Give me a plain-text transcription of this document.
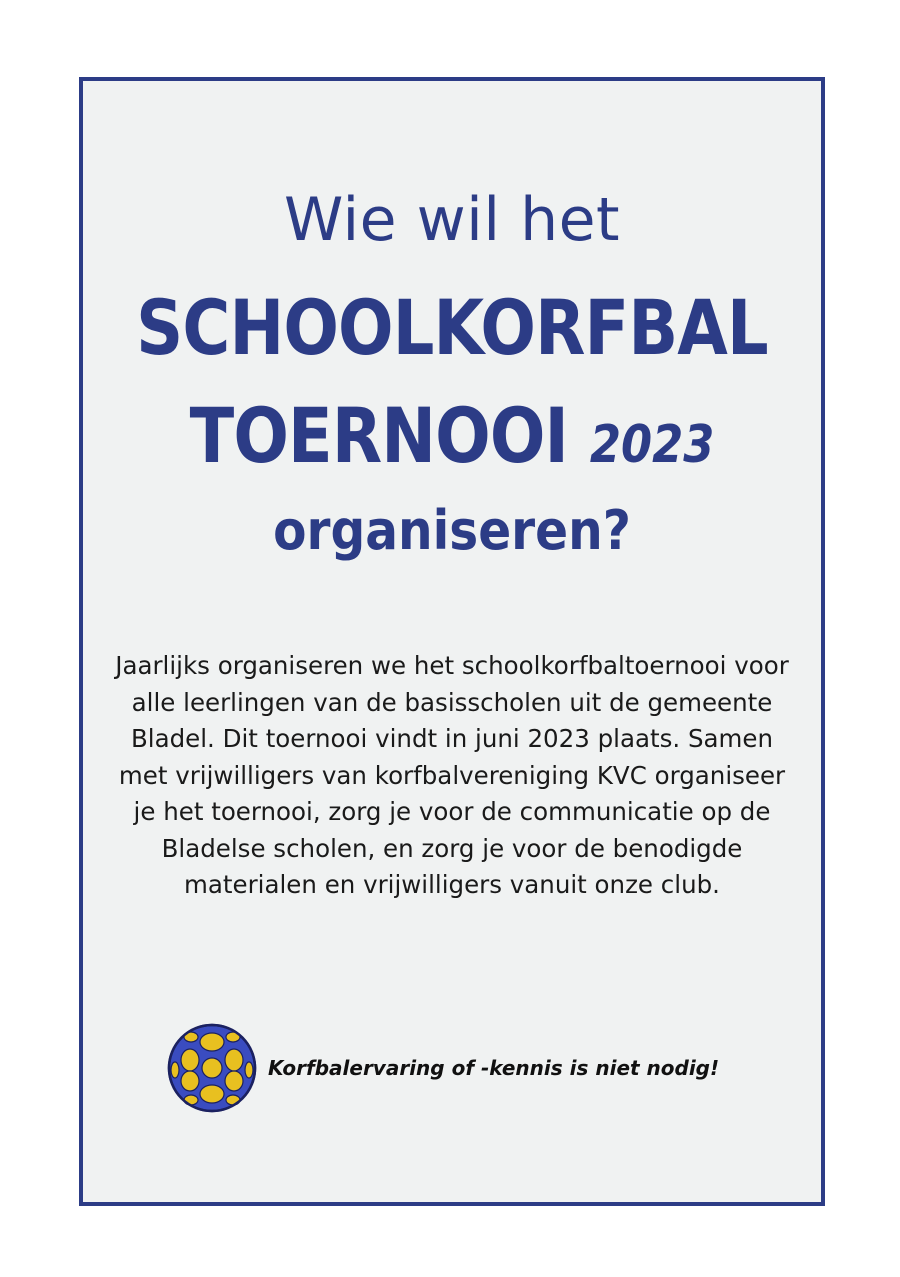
Wie wil het
SCHOOLKORFBAL
TOERNOOI 2023
organiseren?

Jaarlijks organiseren we het schoolkorfbaltoernooi voor alle leerlingen van de basisscholen uit de gemeente Bladel. Dit toernooi vindt in juni 2023 plaats. Samen met vrijwilligers van korfbalvereniging KVC organiseer je het toernooi, zorg je voor de communicatie op de Bladelse scholen, en zorg je voor de benodigde materialen en vrijwilligers vanuit onze club.

Korfbalervaring of -kennis is niet nodig!
